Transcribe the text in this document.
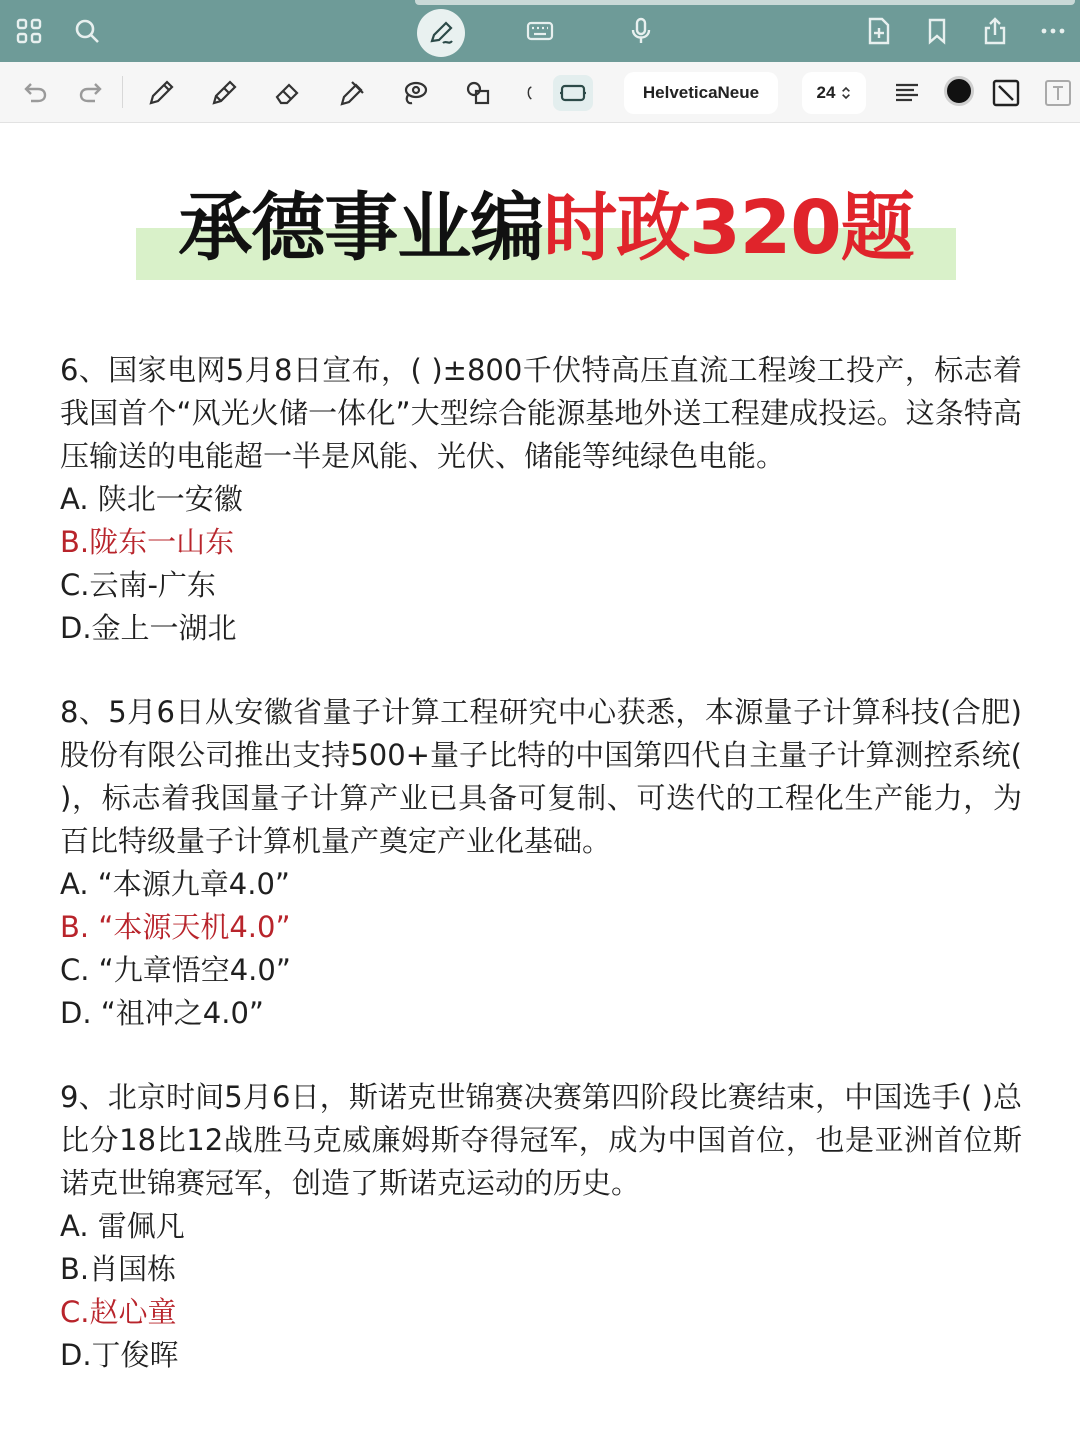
HelveticaNeue	24
承德事业编时政320题

6、国家电网5月8日宣布，( )±800千伏特高压直流工程竣工投产，标志着我国首个“风光火储一体化”大型综合能源基地外送工程建成投运。这条特高压输送的电能超一半是风能、光伏、储能等纯绿色电能。

A. 陕北一安徽

B.陇东一山东

C.云南-广东

D.金上一湖北

8、5月6日从安徽省量子计算工程研究中心获悉，本源量子计算科技(合肥)股份有限公司推出支持500+量子比特的中国第四代自主量子计算测控系统( )，标志着我国量子计算产业已具备可复制、可迭代的工程化生产能力，为百比特级量子计算机量产奠定产业化基础。

A. “本源九章4.0”

B. “本源天机4.0”

C. “九章悟空4.0”

D. “祖冲之4.0”

9、北京时间5月6日，斯诺克世锦赛决赛第四阶段比赛结束，中国选手( )总比分18比12战胜马克威廉姆斯夺得冠军，成为中国首位，也是亚洲首位斯诺克世锦赛冠军，创造了斯诺克运动的历史。

A. 雷佩凡

B.肖国栋

C.赵心童

D.丁俊晖
